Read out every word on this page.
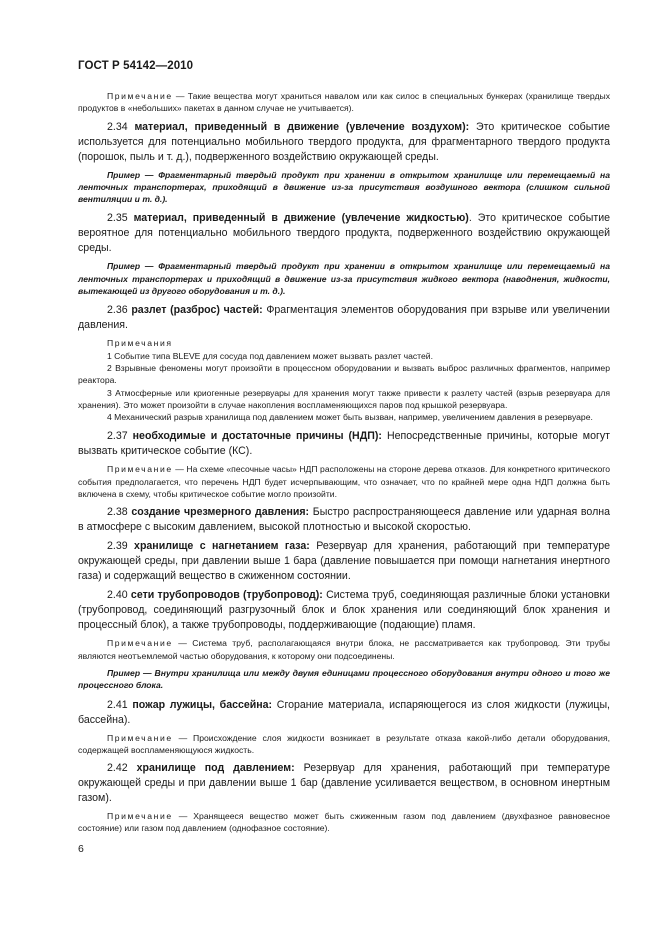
ГОСТ Р 54142—2010
Примечание — Такие вещества могут храниться навалом или как силос в специальных бункерах (хранилище твердых продуктов в «небольших» пакетах в данном случае не учитывается).
2.34 материал, приведенный в движение (увлечение воздухом): Это критическое событие используется для потенциально мобильного твердого продукта, для фрагментарного твердого продукта (порошок, пыль и т. д.), подверженного воздействию окружающей среды.
Пример — Фрагментарный твердый продукт при хранении в открытом хранилище или перемещаемый на ленточных транспортерах, приходящий в движение из-за присутствия воздушного вектора (слишком сильной вентиляции и т. д.).
2.35 материал, приведенный в движение (увлечение жидкостью). Это критическое событие вероятное для потенциально мобильного твердого продукта, подверженного воздействию окружающей среды.
Пример — Фрагментарный твердый продукт при хранении в открытом хранилище или перемещаемый на ленточных транспортерах и приходящий в движение из-за присутствия жидкого вектора (наводнения, жидкости, вытекающей из другого оборудования и т. д.).
2.36 разлет (разброс) частей: Фрагментация элементов оборудования при взрыве или увеличении давления.
Примечания
1 Событие типа BLEVE для сосуда под давлением может вызвать разлет частей.
2 Взрывные феномены могут произойти в процессном оборудовании и вызвать выброс различных фрагментов, например реактора.
3 Атмосферные или криогенные резервуары для хранения могут также привести к разлету частей (взрыв резервуара для хранения). Это может произойти в случае накопления воспламеняющихся паров под крышкой резервуара.
4 Механический разрыв хранилища под давлением может быть вызван, например, увеличением давления в резервуаре.
2.37 необходимые и достаточные причины (НДП): Непосредственные причины, которые могут вызвать критическое событие (КС).
Примечание — На схеме «песочные часы» НДП расположены на стороне дерева отказов. Для конкретного критического события предполагается, что перечень НДП будет исчерпывающим, что означает, что по крайней мере одна НДП должна быть включена в схему, чтобы критическое событие могло произойти.
2.38 создание чрезмерного давления: Быстро распространяющееся давление или ударная волна в атмосфере с высоким давлением, высокой плотностью и высокой скоростью.
2.39 хранилище с нагнетанием газа: Резервуар для хранения, работающий при температуре окружающей среды, при давлении выше 1 бара (давление повышается при помощи нагнетания инертного газа) и содержащий вещество в сжиженном состоянии.
2.40 сети трубопроводов (трубопровод): Система труб, соединяющая различные блоки установки (трубопровод, соединяющий разгрузочный блок и блок хранения или соединяющий блок хранения и процессный блок), а также трубопроводы, поддерживающие (подающие) пламя.
Примечание — Система труб, располагающаяся внутри блока, не рассматривается как трубопровод. Эти трубы являются неотъемлемой частью оборудования, к которому они подсоединены.
Пример — Внутри хранилища или между двумя единицами процессного оборудования внутри одного и того же процессного блока.
2.41 пожар лужицы, бассейна: Сгорание материала, испаряющегося из слоя жидкости (лужицы, бассейна).
Примечание — Происхождение слоя жидкости возникает в результате отказа какой-либо детали оборудования, содержащей воспламеняющуюся жидкость.
2.42 хранилище под давлением: Резервуар для хранения, работающий при температуре окружающей среды и при давлении выше 1 бар (давление усиливается веществом, в основном инертным газом).
Примечание — Хранящееся вещество может быть сжиженным газом под давлением (двухфазное равновесное состояние) или газом под давлением (однофазное состояние).
6
